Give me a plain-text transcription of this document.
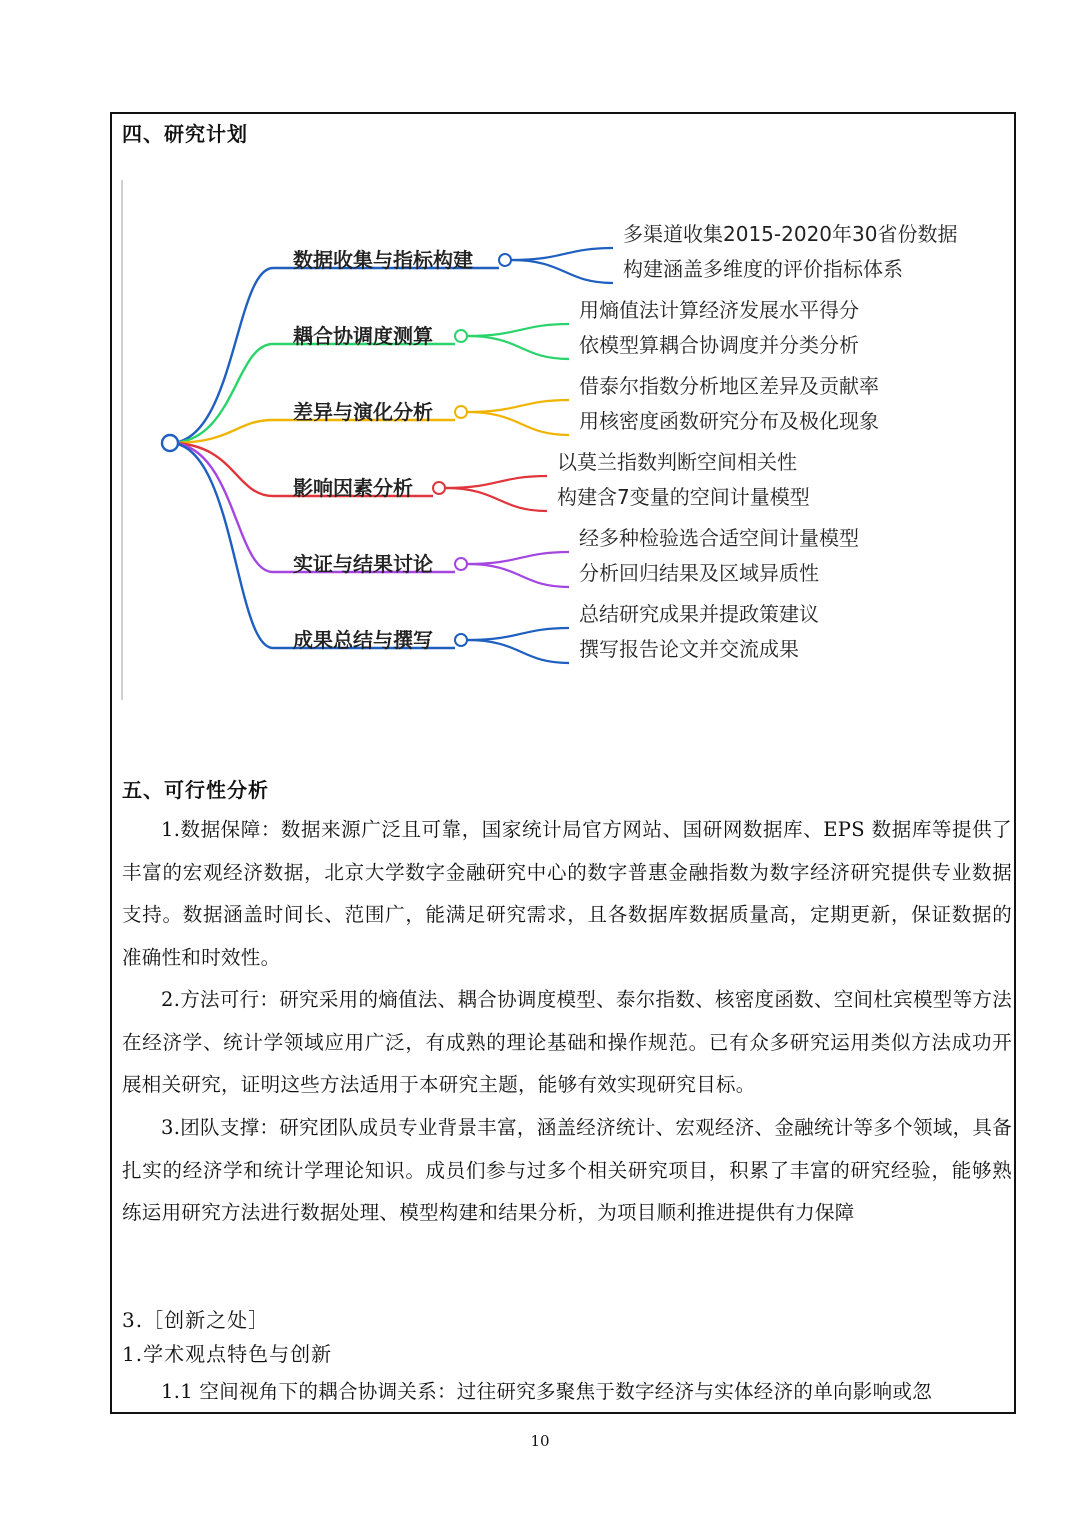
四、研究计划
数据收集与指标构建
多渠道收集2015-2020年30省份数据
构建涵盖多维度的评价指标体系
耦合协调度测算
用熵值法计算经济发展水平得分
依模型算耦合协调度并分类分析
差异与演化分析
借泰尔指数分析地区差异及贡献率
用核密度函数研究分布及极化现象
影响因素分析
以莫兰指数判断空间相关性
构建含7变量的空间计量模型
实证与结果讨论
经多种检验选合适空间计量模型
分析回归结果及区域异质性
成果总结与撰写
总结研究成果并提政策建议
撰写报告论文并交流成果
五、可行性分析
1.数据保障：数据来源广泛且可靠，国家统计局官方网站、国研网数据库、EPS 数据库等提供了丰富的宏观经济数据，北京大学数字金融研究中心的数字普惠金融指数为数字经济研究提供专业数据支持。数据涵盖时间长、范围广，能满足研究需求，且各数据库数据质量高，定期更新，保证数据的准确性和时效性。
2.方法可行：研究采用的熵值法、耦合协调度模型、泰尔指数、核密度函数、空间杜宾模型等方法在经济学、统计学领域应用广泛，有成熟的理论基础和操作规范。已有众多研究运用类似方法成功开展相关研究，证明这些方法适用于本研究主题，能够有效实现研究目标。
3.团队支撑：研究团队成员专业背景丰富，涵盖经济统计、宏观经济、金融统计等多个领域，具备扎实的经济学和统计学理论知识。成员们参与过多个相关研究项目，积累了丰富的研究经验，能够熟练运用研究方法进行数据处理、模型构建和结果分析，为项目顺利推进提供有力保障
3.［创新之处］
1.学术观点特色与创新
1.1 空间视角下的耦合协调关系：过往研究多聚焦于数字经济与实体经济的单向影响或忽
10
